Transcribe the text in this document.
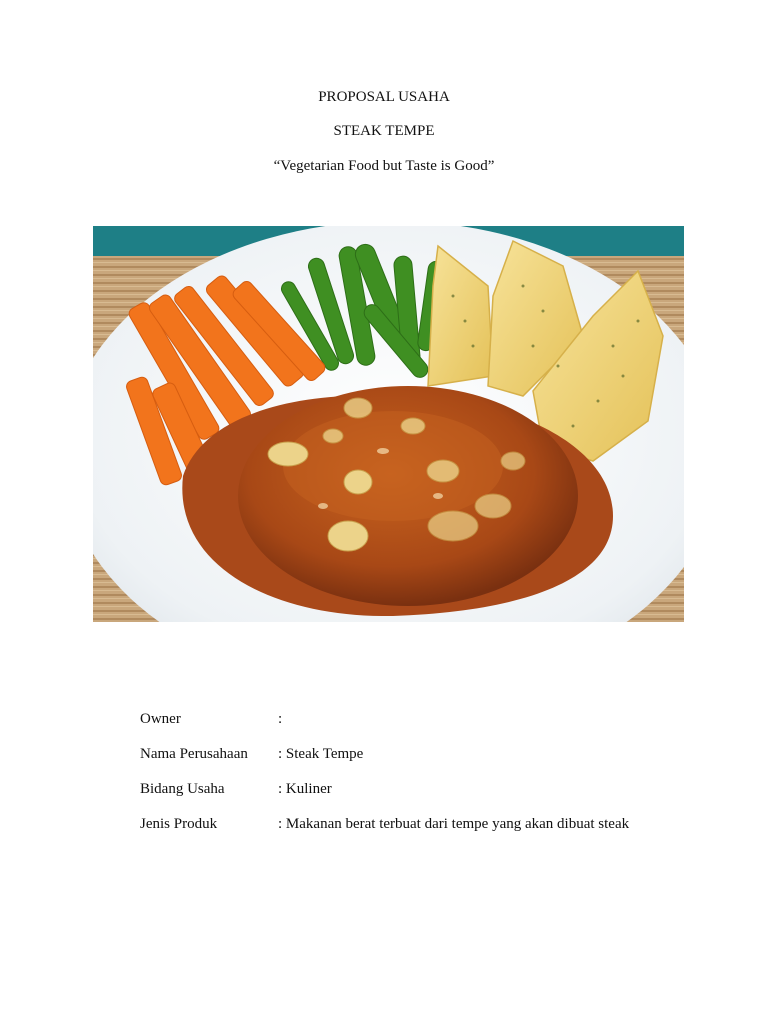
PROPOSAL USAHA
STEAK TEMPE
“Vegetarian Food but Taste is Good”
Owner	:
Nama Perusahaan : Steak Tempe
Bidang Usaha	: Kuliner
Jenis Produk	: Makanan berat terbuat dari tempe yang akan dibuat steak
